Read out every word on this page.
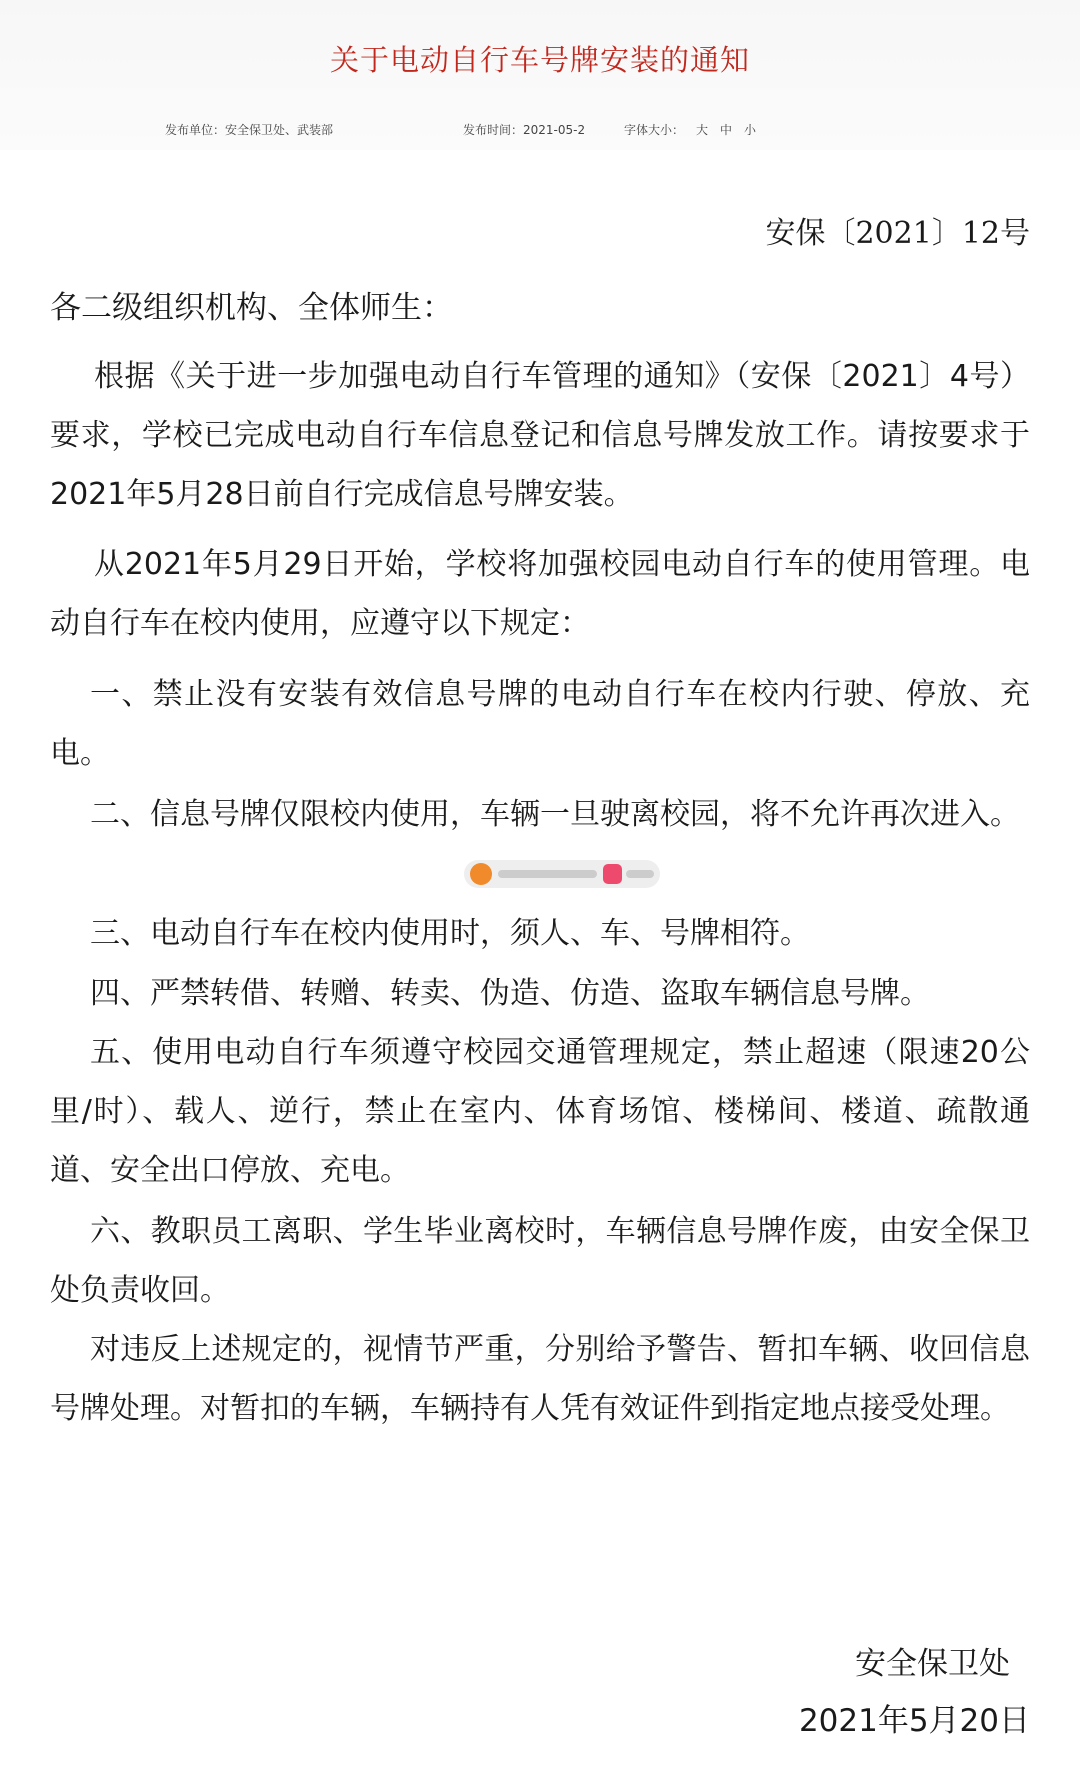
关于电动自行车号牌安装的通知
发布单位：安全保卫处、武装部	发布时间：2021-05-2	字体大小： 大 中 小
安保〔2021〕12号
各二级组织机构、全体师生：

根据《关于进一步加强电动自行车管理的通知》（安保〔2021〕4号）要求，学校已完成电动自行车信息登记和信息号牌发放工作。请按要求于2021年5月28日前自行完成信息号牌安装。

从2021年5月29日开始，学校将加强校园电动自行车的使用管理。电动自行车在校内使用，应遵守以下规定：

一、禁止没有安装有效信息号牌的电动自行车在校内行驶、停放、充电。

二、信息号牌仅限校内使用，车辆一旦驶离校园，将不允许再次进入。

三、电动自行车在校内使用时，须人、车、号牌相符。

四、严禁转借、转赠、转卖、伪造、仿造、盗取车辆信息号牌。

五、使用电动自行车须遵守校园交通管理规定，禁止超速（限速20公里/时）、载人、逆行，禁止在室内、体育场馆、楼梯间、楼道、疏散通道、安全出口停放、充电。

六、教职员工离职、学生毕业离校时，车辆信息号牌作废，由安全保卫处负责收回。

对违反上述规定的，视情节严重，分别给予警告、暂扣车辆、收回信息号牌处理。对暂扣的车辆，车辆持有人凭有效证件到指定地点接受处理。

安全保卫处
2021年5月20日
